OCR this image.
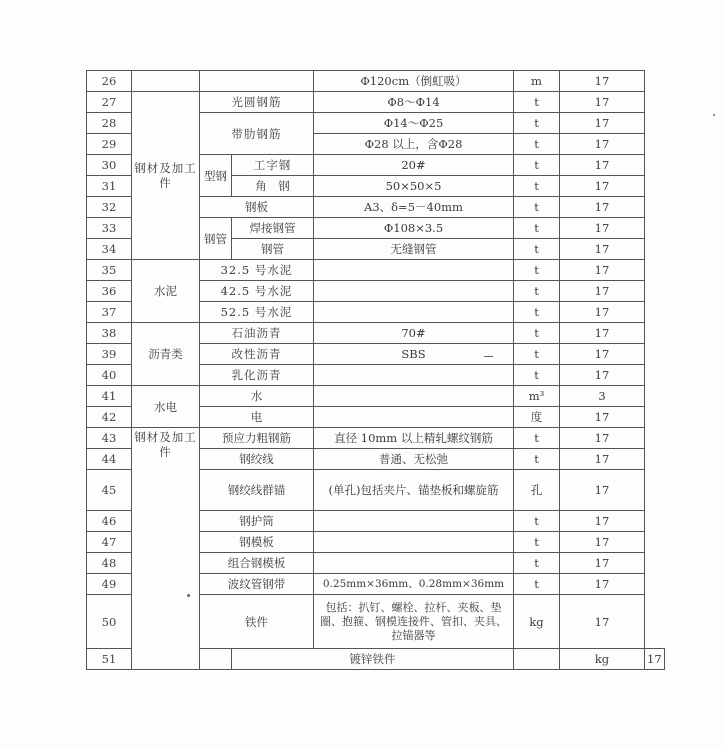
26				Φ120cm（倒虹吸）	m	17	
27	钢材及加工件	光圆钢筋		Φ8～Φ14	t	17	
28		带肋钢筋		Φ14～Φ25	t	17	
29				Φ28 以上，含Φ28	t	17	
30		型钢	工字钢	20#	t	17	
31			角　钢	50×50×5	t	17	
32		钢板		A3、δ=5－40mm	t	17	
33		钢管	焊接钢管	Φ108×3.5	t	17	
34			钢管	无缝钢管	t	17	
35	水泥	32.5 号水泥			t	17	
36		42.5 号水泥			t	17	
37		52.5 号水泥			t	17	
38	沥青类	石油沥青		70#	t	17	
39		改性沥青		SBS	t	17	
40		乳化沥青			t	17	
41	水电	水			m³	3	
42		电			度	17	
43	钢材及加工件	预应力粗钢筋		直径 10mm 以上精轧螺纹钢筋	t	17	
44		钢绞线		普通、无松弛	t	17	
45		钢绞线群锚		(单孔)包括夹片、锚垫板和螺旋筋	孔	17	
46		钢护筒			t	17	
47		钢模板			t	17	
48		组合钢模板			t	17	
49		波纹管钢带		0.25mm×36mm、0.28mm×36mm	t	17	
50		铁件		包括：扒钉、螺栓、拉杆、夹板、垫圈、抱箍、钢模连接件、管扣、夹具、拉锚器等	kg	17	
51			镀锌铁件			kg	17
